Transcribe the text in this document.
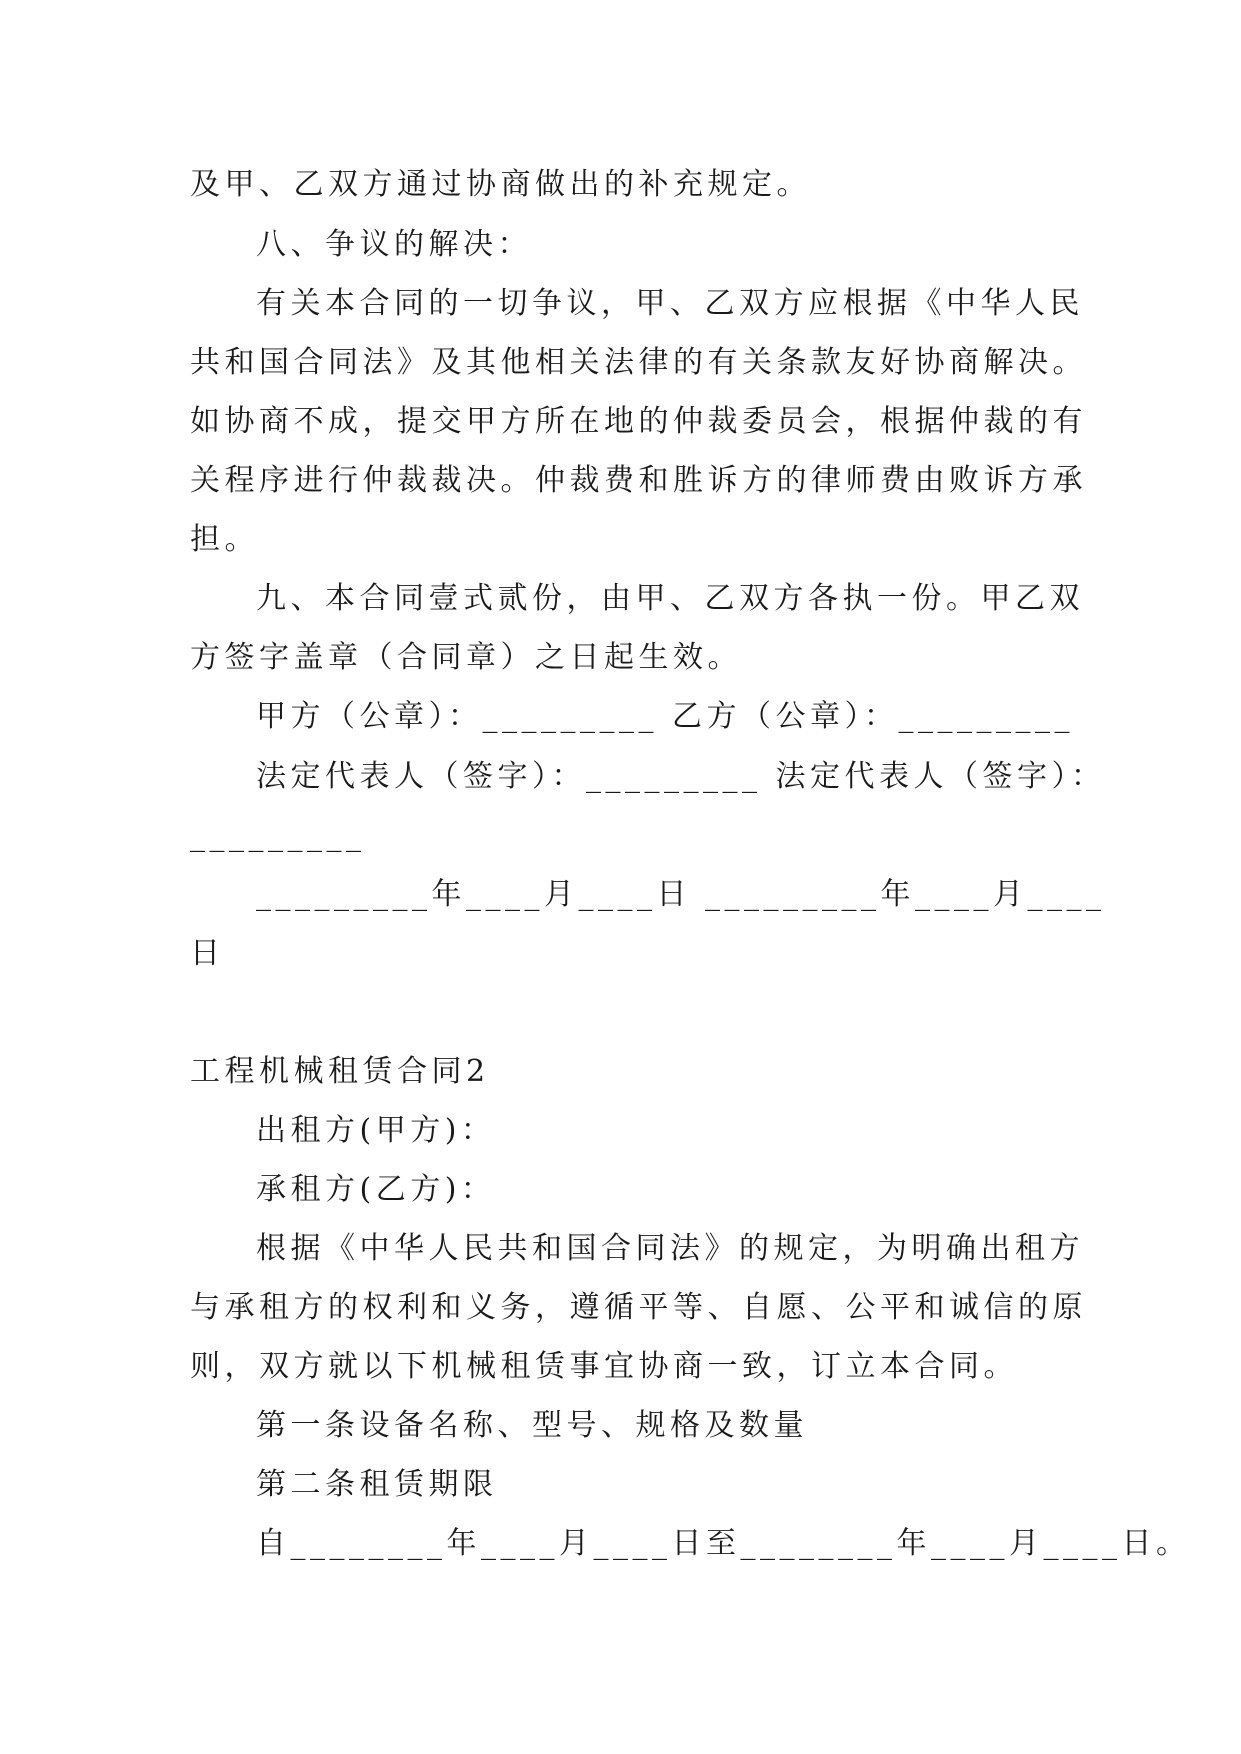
及甲、乙双方通过协商做出的补充规定。
八、争议的解决：
有关本合同的一切争议，甲、乙双方应根据《中华人民
共和国合同法》及其他相关法律的有关条款友好协商解决。
如协商不成，提交甲方所在地的仲裁委员会，根据仲裁的有
关程序进行仲裁裁决。仲裁费和胜诉方的律师费由败诉方承
担。
九、本合同壹式贰份，由甲、乙双方各执一份。甲乙双
方签字盖章（合同章）之日起生效。
甲方（公章）：_________ 乙方（公章）：_________
法定代表人（签字）：_________ 法定代表人（签字）：
_________
_________年____月____日 _________年____月____
日
工程机械租赁合同2
出租方(甲方)：
承租方(乙方)：
根据《中华人民共和国合同法》的规定，为明确出租方
与承租方的权利和义务，遵循平等、自愿、公平和诚信的原
则，双方就以下机械租赁事宜协商一致，订立本合同。
第一条设备名称、型号、规格及数量
第二条租赁期限
自________年____月____日至________年____月____日。
